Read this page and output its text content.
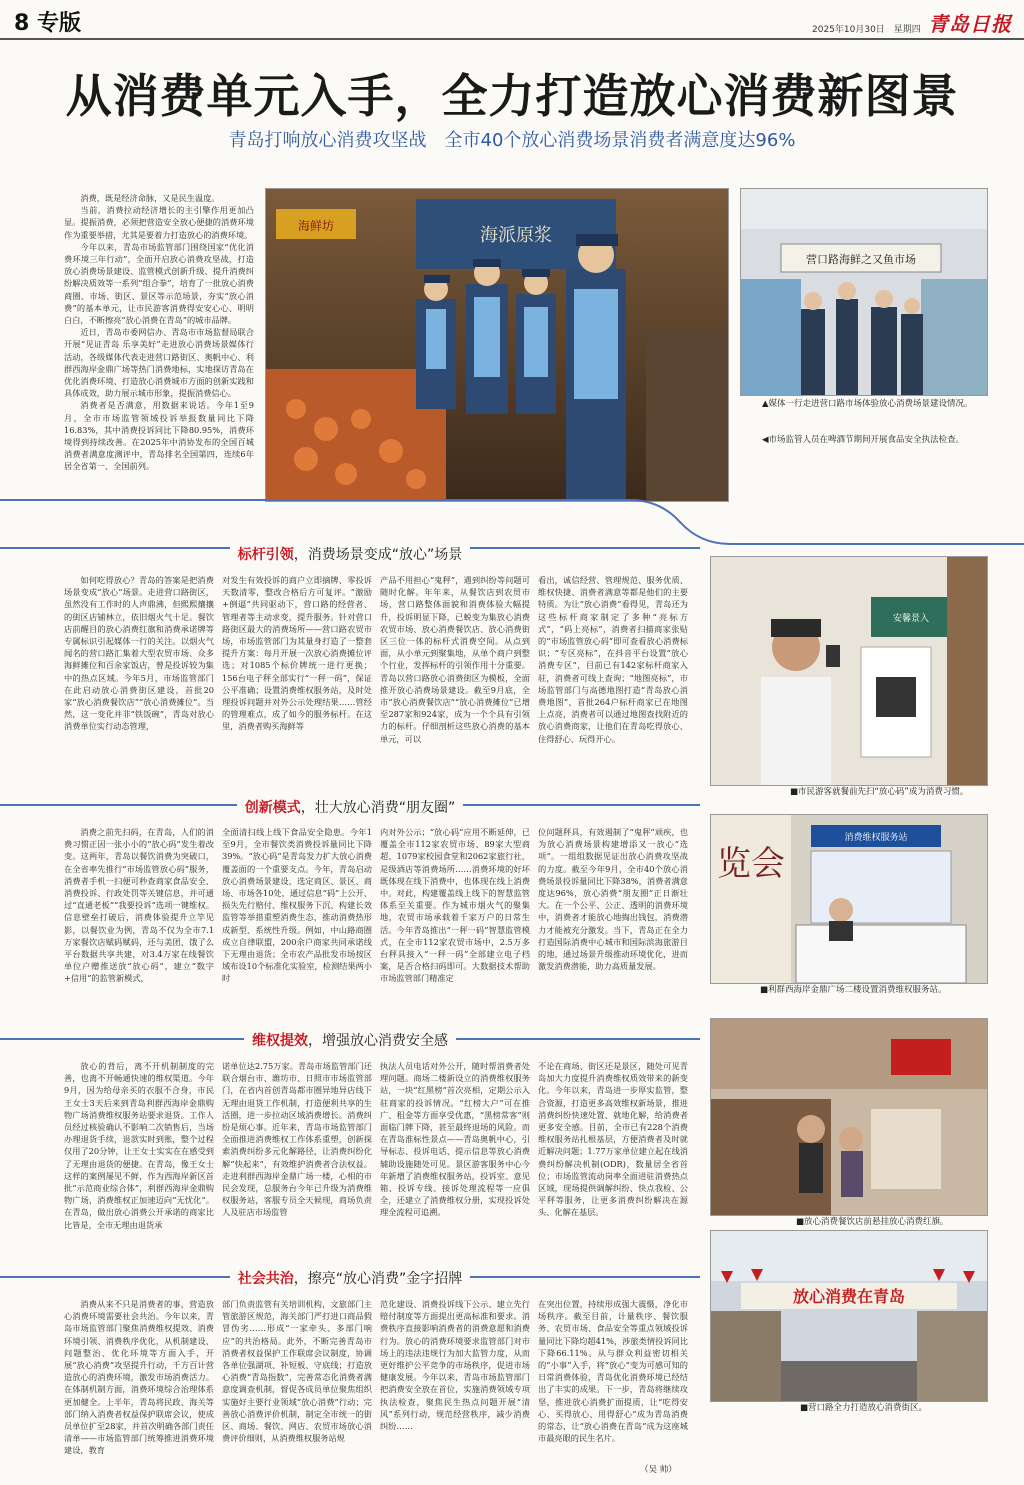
8 专版	2025年10月30日　星期四 青岛日报
从消费单元入手，全力打造放心消费新图景
青岛打响放心消费攻坚战　全市40个放心消费场景消费者满意度达96%

消费，既是经济命脉，又是民生温度。

当前，消费拉动经济增长的主引擎作用更加凸显。提振消费，必须把营造安全放心便捷的消费环境作为重要举措，尤其是要着力打造放心的消费环境。

今年以来，青岛市场监管部门围绕国家“优化消费环境三年行动”，全面开启放心消费攻坚战，打造放心消费场景建设、监管模式创新升级、提升消费纠纷解决质效等一系列“组合拳”，培育了一批放心消费商圈、市场、街区、景区等示范场景，夯实“放心消费”的基本单元，让市民游客消费得安安心心、明明白白，不断擦亮“放心消费在青岛”的城市品牌。

近日，青岛市委网信办、青岛市市场监督局联合开展“见证青岛 乐享美好”走进放心消费场景媒体行活动，各级媒体代表走进营口路街区、奥帆中心、利群西海岸金鼎广场等热门消费地标，实地探访青岛在优化消费环境、打造放心消费城市方面的创新实践和具体成效，助力展示城市形象，提振消费信心。

消费者是否满意，用数据来说话。今年1至9月，全市市场监管领域投诉举报数量同比下降16.83%，其中消费投诉同比下降80.95%，消费环境得到持续改善。在2025年中消协发布的全国百城消费者满意度测评中，青岛排名全国第四，连续6年居全省第一、全国前列。

海派原浆
海鲜坊
营口路海鲜之又鱼市场
▲媒体一行走进营口路市场体验放心消费场景建设情况。
◀市场监管人员在啤酒节期间开展食品安全执法检查。
安馨景入
■市民游客就餐前先扫“放心码”成为消费习惯。
览会
消费维权服务站
■利群西海岸金鼎广场二楼设置消费维权服务站。
■放心消费餐饮店前悬挂放心消费红旗。
放心消费在青岛
■营口路全力打造放心消费街区。
标杆引领，消费场景变成“放心”场景
如何吃得放心？青岛的答案是把消费场景变成“放心”场景。走进营口路街区，虽然没有工作时的人声鼎沸，但熙熙攘攘的街区店铺林立，依旧烟火气十足。餐饮店前醒目的放心消费红旗和消费承诺牌等专属标识引起媒体一行的关注。以烟火气闻名的营口路汇集着大型农贸市场、众多海鲜摊位和百余家饭店，曾是投诉较为集中的热点区域。今年5月，市场监管部门在此启动放心消费街区建设，首批20家“放心消费餐饮店”“放心消费摊位”。当然，这一变化并非“铁饭碗”，青岛对放心消费单位实行动态管理，
对发生有效投诉的商户立即摘牌、零投诉天数清零，整改合格后方可复评。“激励+倒逼”共同驱动下，营口路的经营者、管理者等主动求变，提升服务。针对营口路街区最大的消费场所——营口路农贸市场，市场监管部门为其量身打造了一整套提升方案：每月开展一次放心消费摊位评选；对1085个标价牌统一进行更换；156台电子秤全部实行“一秤一码”，保证公平准确；设置消费维权服务站，及时处理投诉问题并对外公示处理结果……管经的管理难点，成了如今的服务标杆。在这里，消费者购买海鲜等
产品不用担心“鬼秤”，遇到纠纷等问题可随时化解。年年来，从餐饮店到农贸市场，营口路整体面貌和消费体验大幅提升，投诉明显下降，已蜕变为集放心消费农贸市场、放心消费餐饮店、放心消费街区三位一体的标杆式消费空间。从点到面，从小单元到聚集地，从单个商户到整个行业，发挥标杆的引领作用十分重要。青岛以营口路放心消费街区为模板，全面推开放心消费场景建设。截至9月底，全市“放心消费餐饮店”“放心消费摊位”已增至287家和924家，成为一个个具有引领力的标杆。仔细剖析这些放心消费的基本单元，可以
看出，诚信经营、管理规范、服务优质、维权快捷、消费者满意等都是他们的主要特质。为让“放心消费”看得见，青岛还为这些标杆商家制定了多种“亮标方式”，“码上亮标”，消费者扫描商家张贴的“市场监管放心码”即可查看放心消费标识；“专区亮标”，在抖音平台设置“放心消费专区”，目前已有142家标杆商家入驻，消费者可线上查询；“地图亮标”，市场监管部门与高德地图打造“青岛放心消费地图”，首批264户标杆商家已在地图上点亮，消费者可以通过地图查找附近的放心消费商家，让他们在青岛吃得放心、住得舒心、玩得开心。
创新模式，壮大放心消费“朋友圈”
消费之前先扫码，在青岛，人们的消费习惯正因一张小小的“放心码”发生着改变。这两年，青岛以餐饮消费为突破口，在全省率先推行“市场监管放心码”服务，消费者手机一扫便可秒查商家食品安全、消费投诉、行政处罚等关键信息，并可通过“直通老板”“我要投诉”选项一键维权。信息壁垒打破后，消费体验提升立竿见影，以餐饮业为例，青岛不仅为全市7.1万家餐饮店赋码赋码，还与美团、饿了么平台数据共享共建，对3.4万家在线餐饮单位户赠推送放“放心码”，建立“数字+信用”的监管新模式，
全面清扫线上线下食品安全隐患。今年1至9月，全市餐饮类消费投诉量同比下降39%。“放心码”是青岛发力扩大放心消费覆盖面的一个重要支点。今年，青岛启动放心消费场景建设，选定商区、景区、商场、市场各10处，通过信息“码”上公开、损失先行赔付、维权服务下沉、构建长效监管等举措重塑消费生态，推动消费热形成新型、系统性升级。例如，中山路商圈成立自律联盟，200余户商家共同承诺线下无理由退货；全市农产品批发市场按区域布设10个标准化实验室，检测结果两小时
内对外公示；“放心码”应用不断延伸，已覆盖全市112家农贸市场、89家大型商超、1079家校园食堂和2062家旅行社，是级酒店等消费场所……消费环境的好坏既体现在线下消费中，也体现在线上消费中。对此，构建覆盖线上线下的智慧监管体系至关重要。作为城市烟火气的聚集地，农贸市场承载着千家万户的日常生活。今年青岛推出“一秤一码”智慧监管模式，在全市112家农贸市场中，2.5万多台秤具接入“一秤一码”全部建立电子档案，是否合格扫码即可。大数据技术帮助市场监管部门精准定
位问题秤具，有效遏制了“鬼秤”顽疾，也为放心消费场景构建增添又一放心“选项”。一组组数据见证出放心消费攻坚战的力度。截至今年9月，全市40个放心消费场景投诉量同比下降38%，消费者满意度达96%，放心消费“朋友圈”正日渐壮大。在一个公平、公正、透明的消费环境中，消费者才能放心地掏出钱包，消费潜力才能被充分激发。当下，青岛正在全力打造国际消费中心城市和国际滨海旅游目的地，通过场景升级推动环境优化，进而激发消费潜能，助力高质量发展。
维权提效，增强放心消费安全感
放心的背后，离不开机制制度的完善，也离不开畅通快速的维权渠道。今年9月，因为给母亲买的衣服不合身，市民王女士3天后来到青岛利群西海岸金鼎购物广场消费维权服务站要求退货。工作人员经过核验确认不影响二次销售后，当场办理退货手续，退款实时到账，整个过程仅用了20分钟，让王女士实实在在感受到了无理由退货的便捷。在青岛，像王女士这样的案例屡见不鲜，作为西海岸新区首批“示范商业综合体”，利群西海岸金鼎购物广场，消费维权正加速迈向“无忧化”。在青岛，做出放心消费公开承诺的商家比比皆是，全市无理由退货承
诺单位达2.75万家。青岛市场监管部门还联合烟台市、潍坊市、日照市市场监管部门，在省内首创青岛都市圈异地异店线下无理由退货工作机制，打造便利共享的生活圈，进一步拉动区域消费增长。消费纠纷是烦心事。近年来，青岛市场监管部门全面推进消费维权工作体系重塑，创新探索消费纠纷多元化解路径，让消费纠纷化解“快起来”，有效维护消费者合法权益。走进利群西海岸金鼎广场一楼，心相的市民会发现，总服务台今年已升级为消费维权服务站，客服专员全天候现，商场负责人及驻店市场监管
执法人员电话对外公开，随时帮消费者处理问题。商场二楼新设立的消费维权服务站，一块“红黑榜”首次亮相，定期公示入驻商家的投诉情况。“红榜大户”可在推广、租金等方面享受优惠，“黑榜常客”则面临门牌下降，甚至最终退场的风险。而在青岛淮标性景点——青岛奥帆中心，引导标志、投诉电话、提示信息等放心消费辅助设施随处可见。景区游客服务中心今年新增了消费维权服务站，投诉室、意见箱、投诉专线、接诉处理流程等一应俱全，还建立了消费维权分册，实现投诉处理全流程可追溯。
不论在商场、街区还是景区，随处可见青岛加大力度提升消费维权质效带来的新变化。今年以来，青岛进一步厚实监管，整合资源，打造更多高效维权新场景，推进消费纠纷快速处置、就地化解，给消费者更多安全感。目前，全市已有228个消费维权服务站扎根基层，方便消费者及时就近解决问题；1.77万家单位建立起在线消费纠纷解决机制(ODR)，数量居全省首位；市场监管流动岗率全面进驻消费热点区域，现场提供调解纠纷、快点我检、公平秤等服务，让更多消费纠纷解决在源头、化解在基层。
社会共治，擦亮“放心消费”金字招牌
消费从来不只是消费者的事，营造放心消费环境需要社会共治。今年以来，青岛市场监管部门聚焦消费维权提效、消费环境引领、消费秩序优化，从机制建设、问题整治、优化环境等方面入手，开展“放心消费”攻坚提升行动，千方百计营造放心的消费环境，激发市场消费活力。在体制机制方面，消费环境综合治理体系更加健全。上半年，青岛将民政、海关等部门纳入消费者权益保护联席会议，使成员单位扩至28家，并首次明确各部门责任清单——市场监管部门统筹推进消费环境建设，教育
部门负责监管有关培训机构，文旅部门主管旅游区规范，海关部门严打进口商品假冒伪劣……形成“一家牵头、多部门响应”的共治格局。此外，不断完善青岛市消费者权益保护工作联席会议制度，协调各单位强湖项、补短板、守底线；打造放心消费“青岛指数”，完善常态化消费者满意度调查机制，督促各成员单位聚焦组织实施好主要行业领域“放心消费”行动；完善放心消费评价机制，制定全市统一的街区、商场、餐饮、网店、农贸市场放心消费评价细则，从消费维权服务站规
范化建设、消费投诉线下公示、建立先行赔付制度等方面提出更高标准和要求。消费秩序直接影响消费者的消费意愿和消费行为。放心的消费环境要求监管部门对市场上的违法违规行为加大监管力度，从而更好维护公平竞争的市场秩序，促进市场健康发展。今年以来，青岛市场监管部门把消费安全放在首位，实施消费领域专项执法检查，聚焦民生热点问题开展“清风”系列行动，规范经营秩序，减少消费纠纷……
在突出位置，持续形成强大震慑，净化市场秩序。截至目前，计量秩序、餐饮服务、农贸市场、食品安全等重点领域投诉量同比下降均超41%，涉旅类情投诉同比下降66.11%。从与群众利益密切相关的“小事”入手，将“放心”变为可感可知的日常消费体验，青岛优化消费环境已经结出了丰实的成果。下一步，青岛将继续攻坚，推进放心消费扩面提质，让“吃得安心、买得放心、用得舒心”成为青岛消费的常态，让“放心消费在青岛”成为这座城市最亮眼的民生名片。
（吴 帅）
